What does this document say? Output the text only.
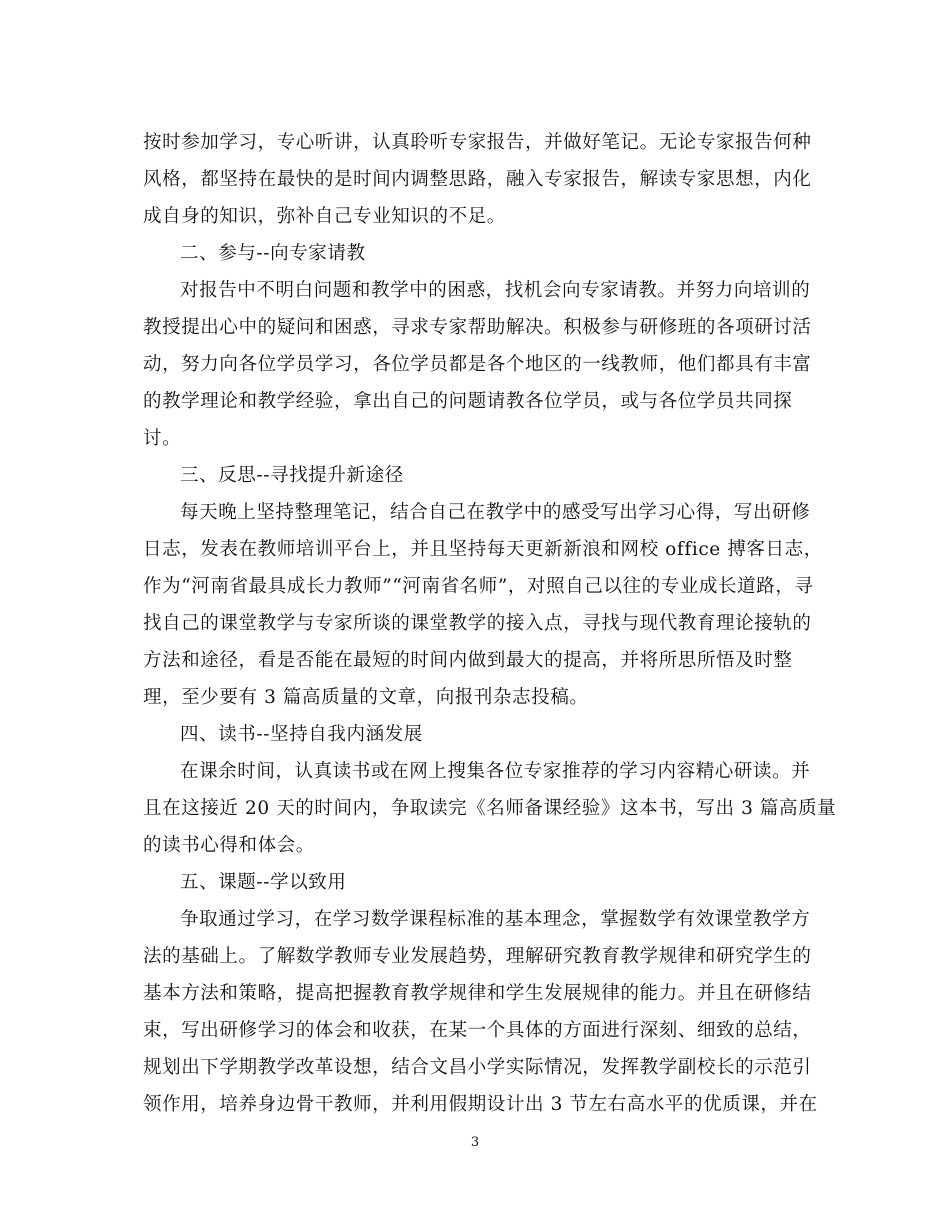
按时参加学习，专心听讲，认真聆听专家报告，并做好笔记。无论专家报告何种
风格，都坚持在最快的是时间内调整思路，融入专家报告，解读专家思想，内化
成自身的知识，弥补自己专业知识的不足。
二、参与--向专家请教
对报告中不明白问题和教学中的困惑，找机会向专家请教。并努力向培训的
教授提出心中的疑问和困惑，寻求专家帮助解决。积极参与研修班的各项研讨活
动，努力向各位学员学习，各位学员都是各个地区的一线教师，他们都具有丰富
的教学理论和教学经验，拿出自己的问题请教各位学员，或与各位学员共同探
讨。
三、反思--寻找提升新途径
每天晚上坚持整理笔记，结合自己在教学中的感受写出学习心得，写出研修
日志，发表在教师培训平台上，并且坚持每天更新新浪和网校 office 搏客日志，
作为“河南省最具成长力教师”“河南省名师”，对照自己以往的专业成长道路，寻
找自己的课堂教学与专家所谈的课堂教学的接入点，寻找与现代教育理论接轨的
方法和途径，看是否能在最短的时间内做到最大的提高，并将所思所悟及时整
理，至少要有 3 篇高质量的文章，向报刊杂志投稿。
四、读书--坚持自我内涵发展
在课余时间，认真读书或在网上搜集各位专家推荐的学习内容精心研读。并
且在这接近 20 天的时间内，争取读完《名师备课经验》这本书，写出 3 篇高质量
的读书心得和体会。
五、课题--学以致用
争取通过学习，在学习数学课程标准的基本理念，掌握数学有效课堂教学方
法的基础上。了解数学教师专业发展趋势，理解研究教育教学规律和研究学生的
基本方法和策略，提高把握教育教学规律和学生发展规律的能力。并且在研修结
束，写出研修学习的体会和收获，在某一个具体的方面进行深刻、细致的总结，
规划出下学期教学改革设想，结合文昌小学实际情况，发挥教学副校长的示范引
领作用，培养身边骨干教师，并利用假期设计出 3 节左右高水平的优质课，并在
3
